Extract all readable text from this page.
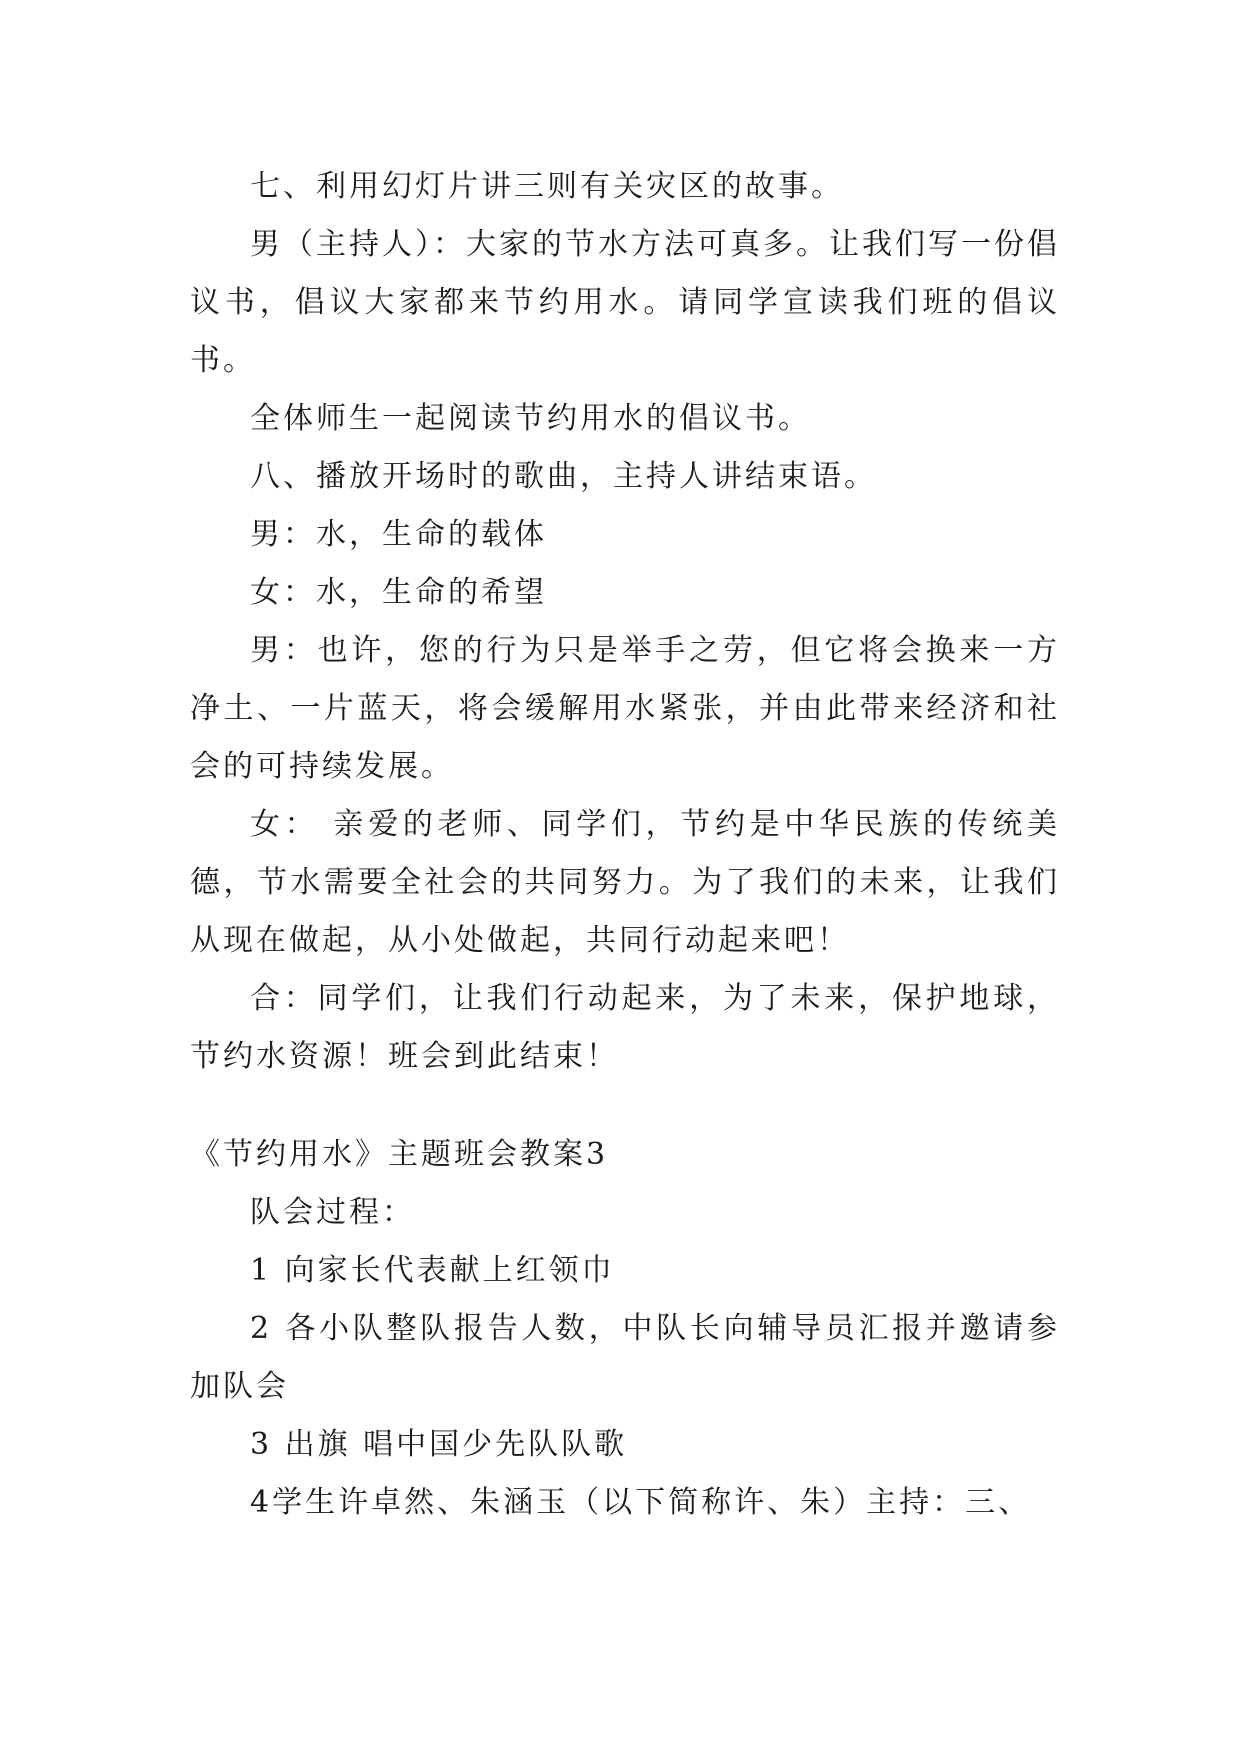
七、利用幻灯片讲三则有关灾区的故事。

男（主持人）：大家的节水方法可真多。让我们写一份倡议书，倡议大家都来节约用水。请同学宣读我们班的倡议书。

全体师生一起阅读节约用水的倡议书。

八、播放开场时的歌曲，主持人讲结束语。

男：水，生命的载体

女：水，生命的希望

男：也许，您的行为只是举手之劳，但它将会换来一方净土、一片蓝天，将会缓解用水紧张，并由此带来经济和社会的可持续发展。

女： 亲爱的老师、同学们，节约是中华民族的传统美德，节水需要全社会的共同努力。为了我们的未来，让我们从现在做起，从小处做起，共同行动起来吧！

合：同学们，让我们行动起来，为了未来，保护地球，节约水资源！班会到此结束！

《节约用水》主题班会教案3

队会过程：

1 向家长代表献上红领巾

2 各小队整队报告人数，中队长向辅导员汇报并邀请参加队会

3 出旗 唱中国少先队队歌

4学生许卓然、朱涵玉（以下简称许、朱）主持：三、
